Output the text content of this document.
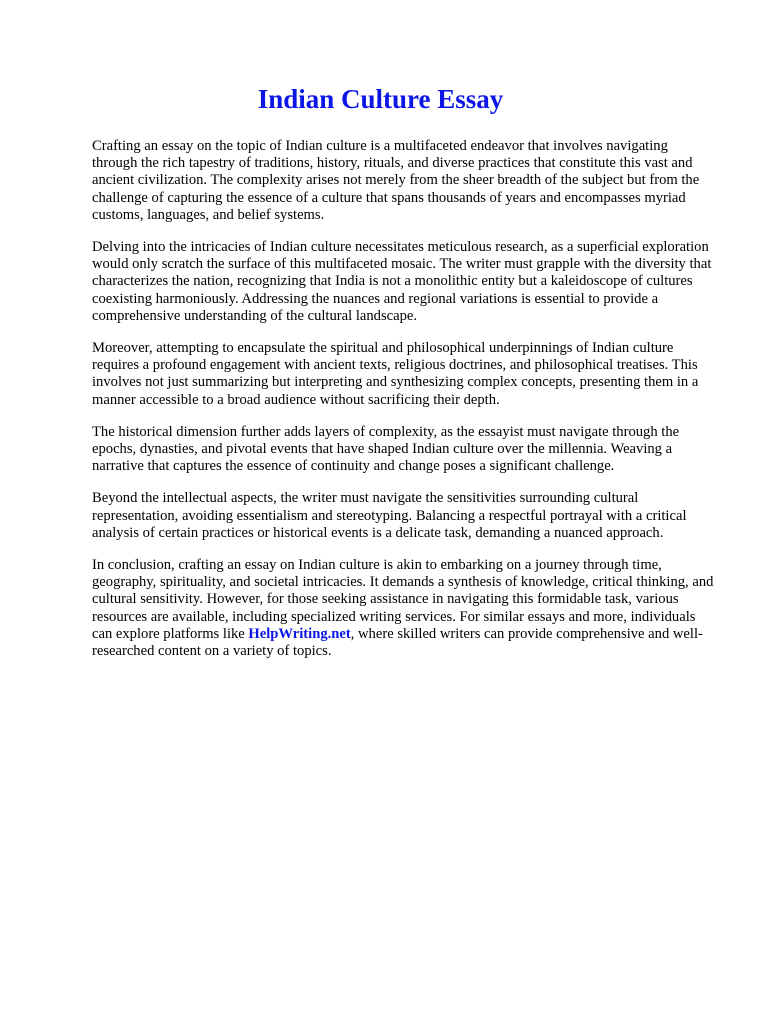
Indian Culture Essay

Crafting an essay on the topic of Indian culture is a multifaceted endeavor that involves navigating through the rich tapestry of traditions, history, rituals, and diverse practices that constitute this vast and ancient civilization. The complexity arises not merely from the sheer breadth of the subject but from the challenge of capturing the essence of a culture that spans thousands of years and encompasses myriad customs, languages, and belief systems.

Delving into the intricacies of Indian culture necessitates meticulous research, as a superficial exploration would only scratch the surface of this multifaceted mosaic. The writer must grapple with the diversity that characterizes the nation, recognizing that India is not a monolithic entity but a kaleidoscope of cultures coexisting harmoniously. Addressing the nuances and regional variations is essential to provide a comprehensive understanding of the cultural landscape.

Moreover, attempting to encapsulate the spiritual and philosophical underpinnings of Indian culture requires a profound engagement with ancient texts, religious doctrines, and philosophical treatises. This involves not just summarizing but interpreting and synthesizing complex concepts, presenting them in a manner accessible to a broad audience without sacrificing their depth.

The historical dimension further adds layers of complexity, as the essayist must navigate through the epochs, dynasties, and pivotal events that have shaped Indian culture over the millennia. Weaving a narrative that captures the essence of continuity and change poses a significant challenge.

Beyond the intellectual aspects, the writer must navigate the sensitivities surrounding cultural representation, avoiding essentialism and stereotyping. Balancing a respectful portrayal with a critical analysis of certain practices or historical events is a delicate task, demanding a nuanced approach.

In conclusion, crafting an essay on Indian culture is akin to embarking on a journey through time, geography, spirituality, and societal intricacies. It demands a synthesis of knowledge, critical thinking, and cultural sensitivity. However, for those seeking assistance in navigating this formidable task, various resources are available, including specialized writing services. For similar essays and more, individuals can explore platforms like HelpWriting.net, where skilled writers can provide comprehensive and well-researched content on a variety of topics.
